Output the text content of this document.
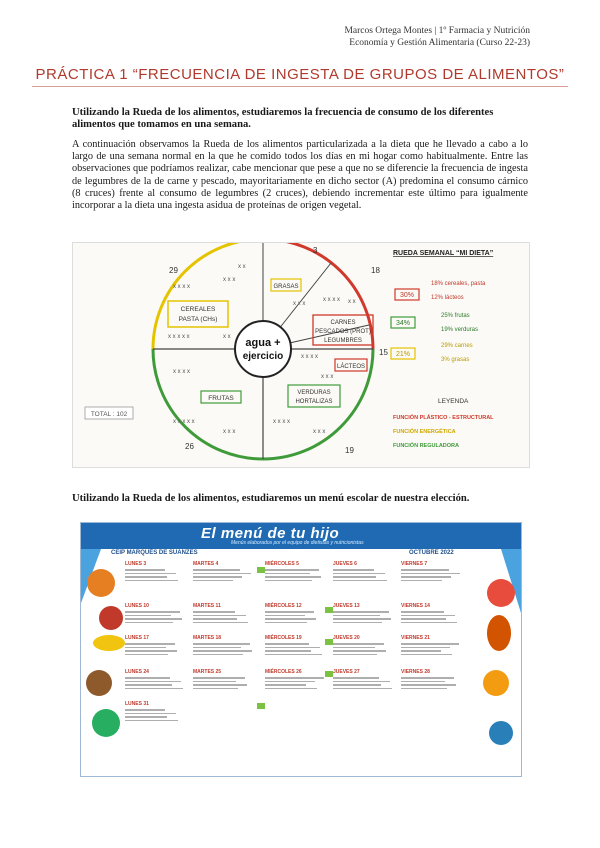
Marcos Ortega Montes | 1º Farmacia y Nutrición
Economía y Gestión Alimentaria (Curso 22-23)
PRÁCTICA 1 “FRECUENCIA DE INGESTA DE GRUPOS DE ALIMENTOS”
Utilizando la Rueda de los alimentos, estudiaremos la frecuencia de consumo de los diferentes alimentos que tomamos en una semana.
A continuación observamos la Rueda de los alimentos particularizada a la dieta que he llevado a cabo a lo largo de una semana normal en la que he comido todos los días en mi hogar como habitualmente. Entre las observaciones que podríamos realizar, cabe mencionar que pese a que no se diferencie la frecuencia de ingesta de legumbres de la de carne y pescado, mayoritariamente en dicho sector (A) predomina el consumo cárnico (8 cruces) frente al consumo de legumbres (2 cruces), debiendo incrementar este último para igualmente incorporar a la dieta una ingesta asidua de proteínas de origen vegetal.
agua +
ejercicio
CEREALES
PASTA (CHs)
GRASAS
CARNES
PESCADOS (PROT)
LEGUMBRES
LÁCTEOS
FRUTAS
VERDURAS
HORTALIZAS
29
3
18
15
26	19
TOTAL : 102
x x x x
x x x
x x x x x	x x
x x
x x x
x x x x x x
x x x x
x x x
x x x x
x x x x x
x x x
x x x x
x x x
RUEDA SEMANAL “MI DIETA”
30%
34%
21%
18% cereales, pasta
12% lácteos
25% frutas
19% verduras
29% carnes
3% grasas
LEYENDA
FUNCIÓN PLÁSTICO - ESTRUCTURAL
FUNCIÓN ENERGÉTICA
FUNCIÓN REGULADORA
Utilizando la Rueda de los alimentos, estudiaremos un menú escolar de nuestra elección.
El menú de tu hijo
Menús elaborados por el equipo de dietistas y nutricionistas
CEIP MARQUÉS DE SUANZES	OCTUBRE 2022
LUNES 3	MARTES 4	MIÉRCOLES 5	JUEVES 6	VIERNES 7
LUNES 10	MARTES 11	MIÉRCOLES 12	JUEVES 13	VIERNES 14
LUNES 17	MARTES 18	MIÉRCOLES 19	JUEVES 20	VIERNES 21
LUNES 24	MARTES 25	MIÉRCOLES 26	JUEVES 27	VIERNES 28
LUNES 31
